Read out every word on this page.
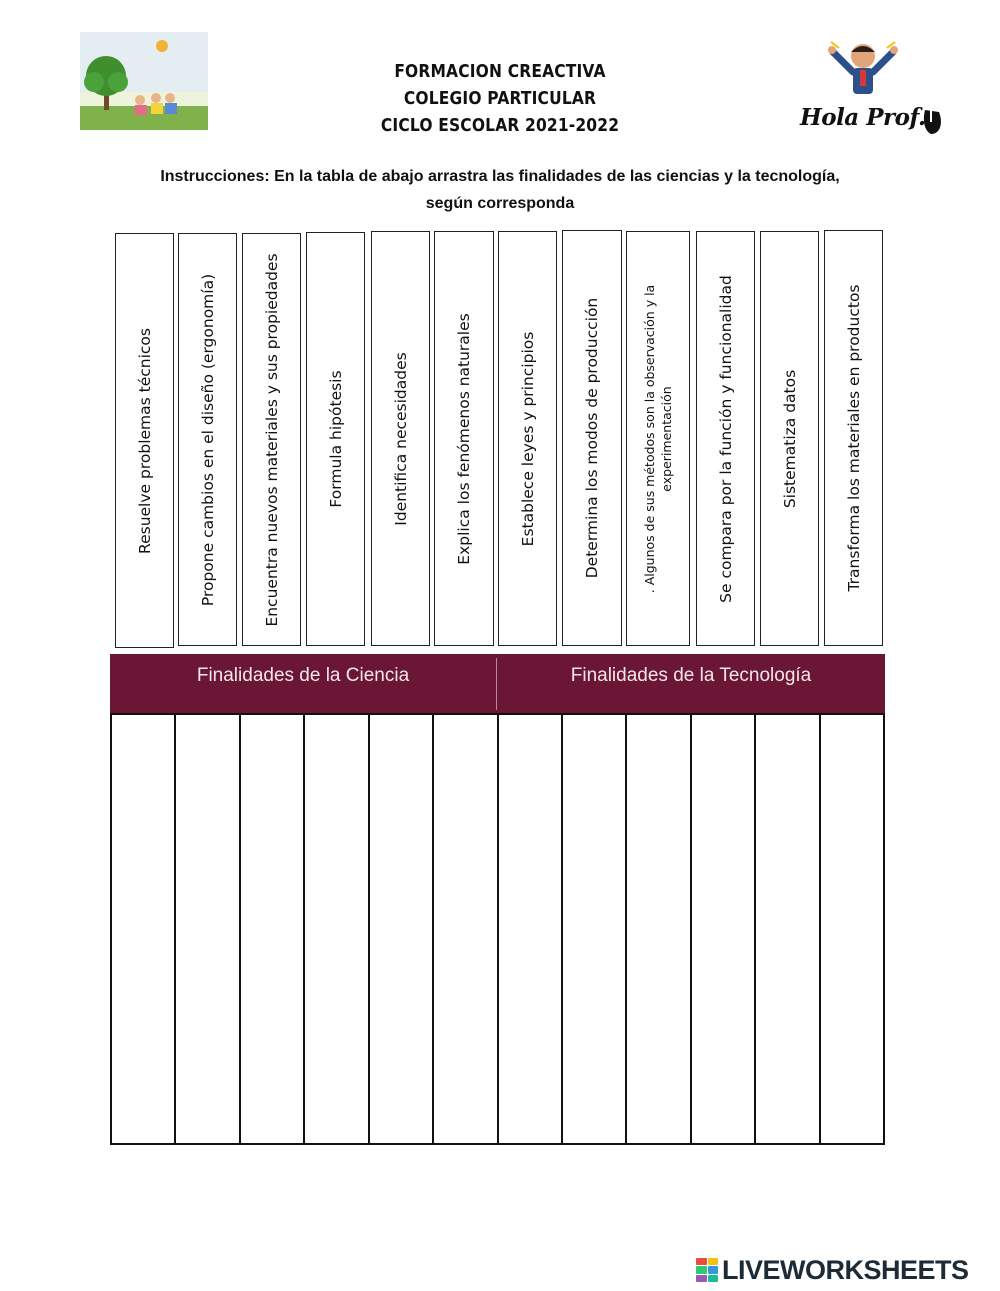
FORMACION CREACTIVA
COLEGIO PARTICULAR
CICLO ESCOLAR 2021-2022	Hola Prof.
Instrucciones: En la tabla de abajo arrastra las finalidades de las ciencias y la tecnología,
según corresponda
Resuelve problemas técnicos	Propone cambios en el diseño (ergonomía)	Encuentra nuevos materiales y sus propiedades	Formula hipótesis	Identifica necesidades	Explica los fenómenos naturales	Establece leyes y principios	Determina los modos de producción	. Algunos de sus métodos son la observación y la experimentación	Se compara por la función y funcionalidad	Sistematiza datos	Transforma los materiales en productos
Finalidades de la Ciencia	Finalidades de la Tecnología
LIVEWORKSHEETS
